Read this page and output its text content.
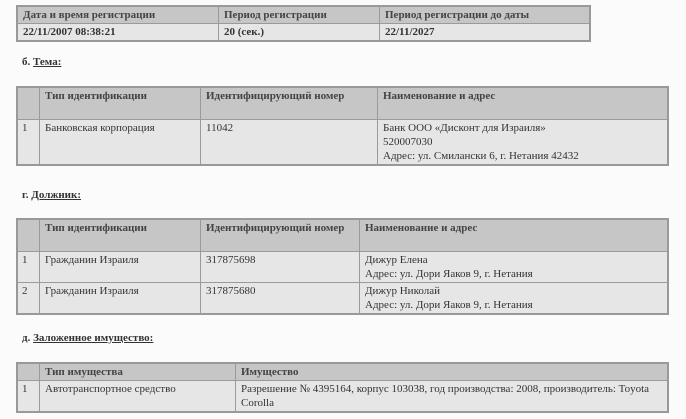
Дата и время регистрации	Период регистрации	Период регистрации до даты
22/11/2007 08:38:21	20 (сек.)	22/11/2027
б. Тема:
	Тип идентификации	Идентифицирующий номер	Наименование и адрес
1	Банковская корпорация	11042	Банк ООО «Дисконт для Израиля»
520007030
Адрес: ул. Смилански 6, г. Нетания 42432
г. Должник:
	Тип идентификации	Идентифицирующий номер	Наименование и адрес
1	Гражданин Израиля	317875698	Дижур Елена
Адрес: ул. Дори Яаков 9, г. Нетания

2	Гражданин Израиля	317875680	Дижур Николай
Адрес: ул. Дори Яаков 9, г. Нетания
д. Заложенное имущество:
	Тип имущества	Имущество
1	Автотранспортное средство	Разрешение № 4395164, корпус 103038, год производства: 2008, производитель: Toyota Corolla
